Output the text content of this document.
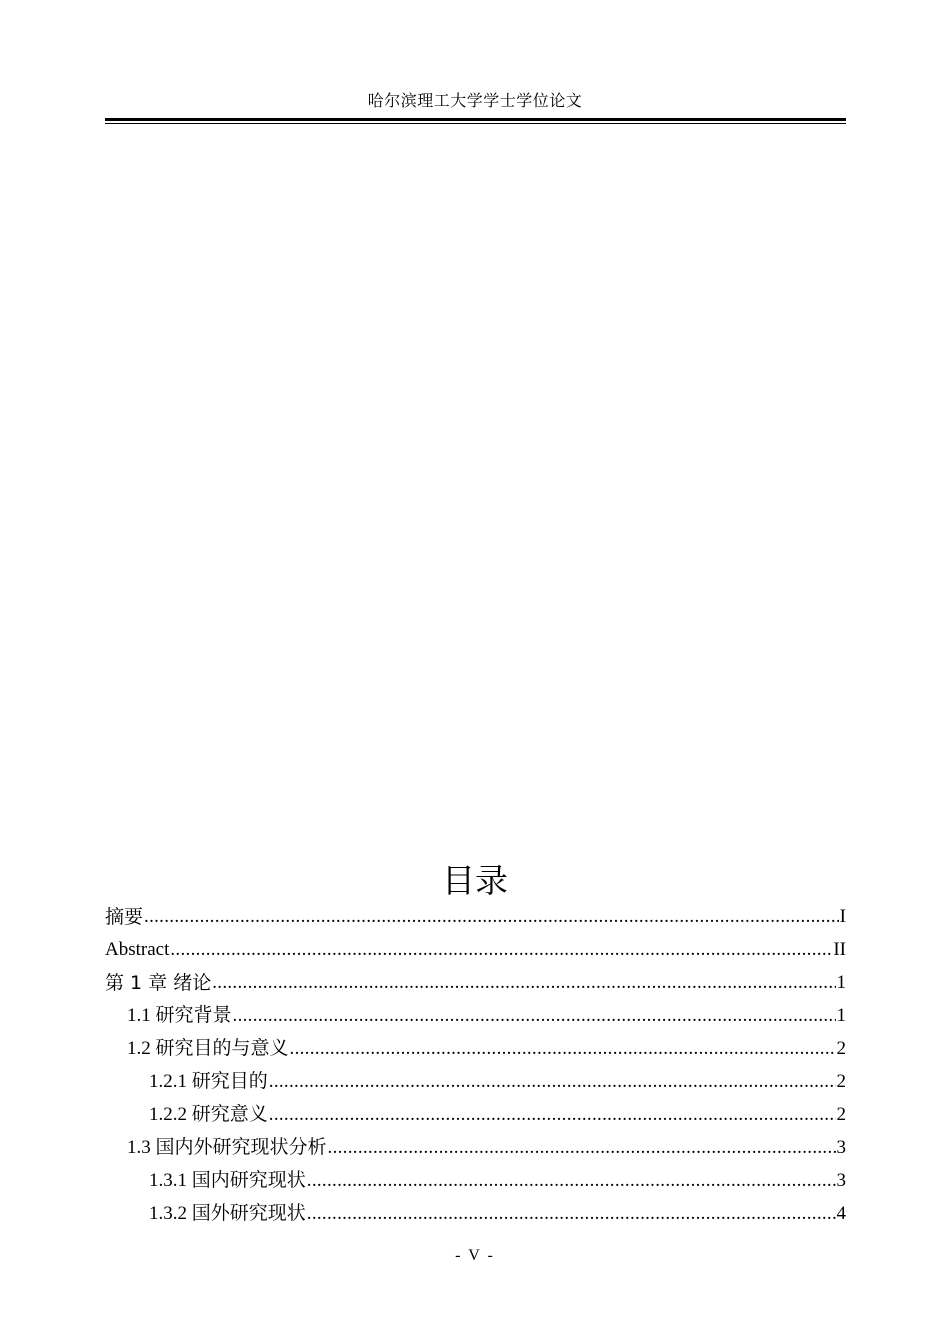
哈尔滨理工大学学士学位论文
目录
摘要 .....	I
Abstract .....	II
第 1 章 绪论 .....	1
1.1 研究背景 .....	1
1.2 研究目的与意义 .....	2
1.2.1 研究目的 .....	2
1.2.2 研究意义 .....	2
1.3 国内外研究现状分析 .....	3
1.3.1 国内研究现状 .....	3
1.3.2 国外研究现状 .....	4
- V -
